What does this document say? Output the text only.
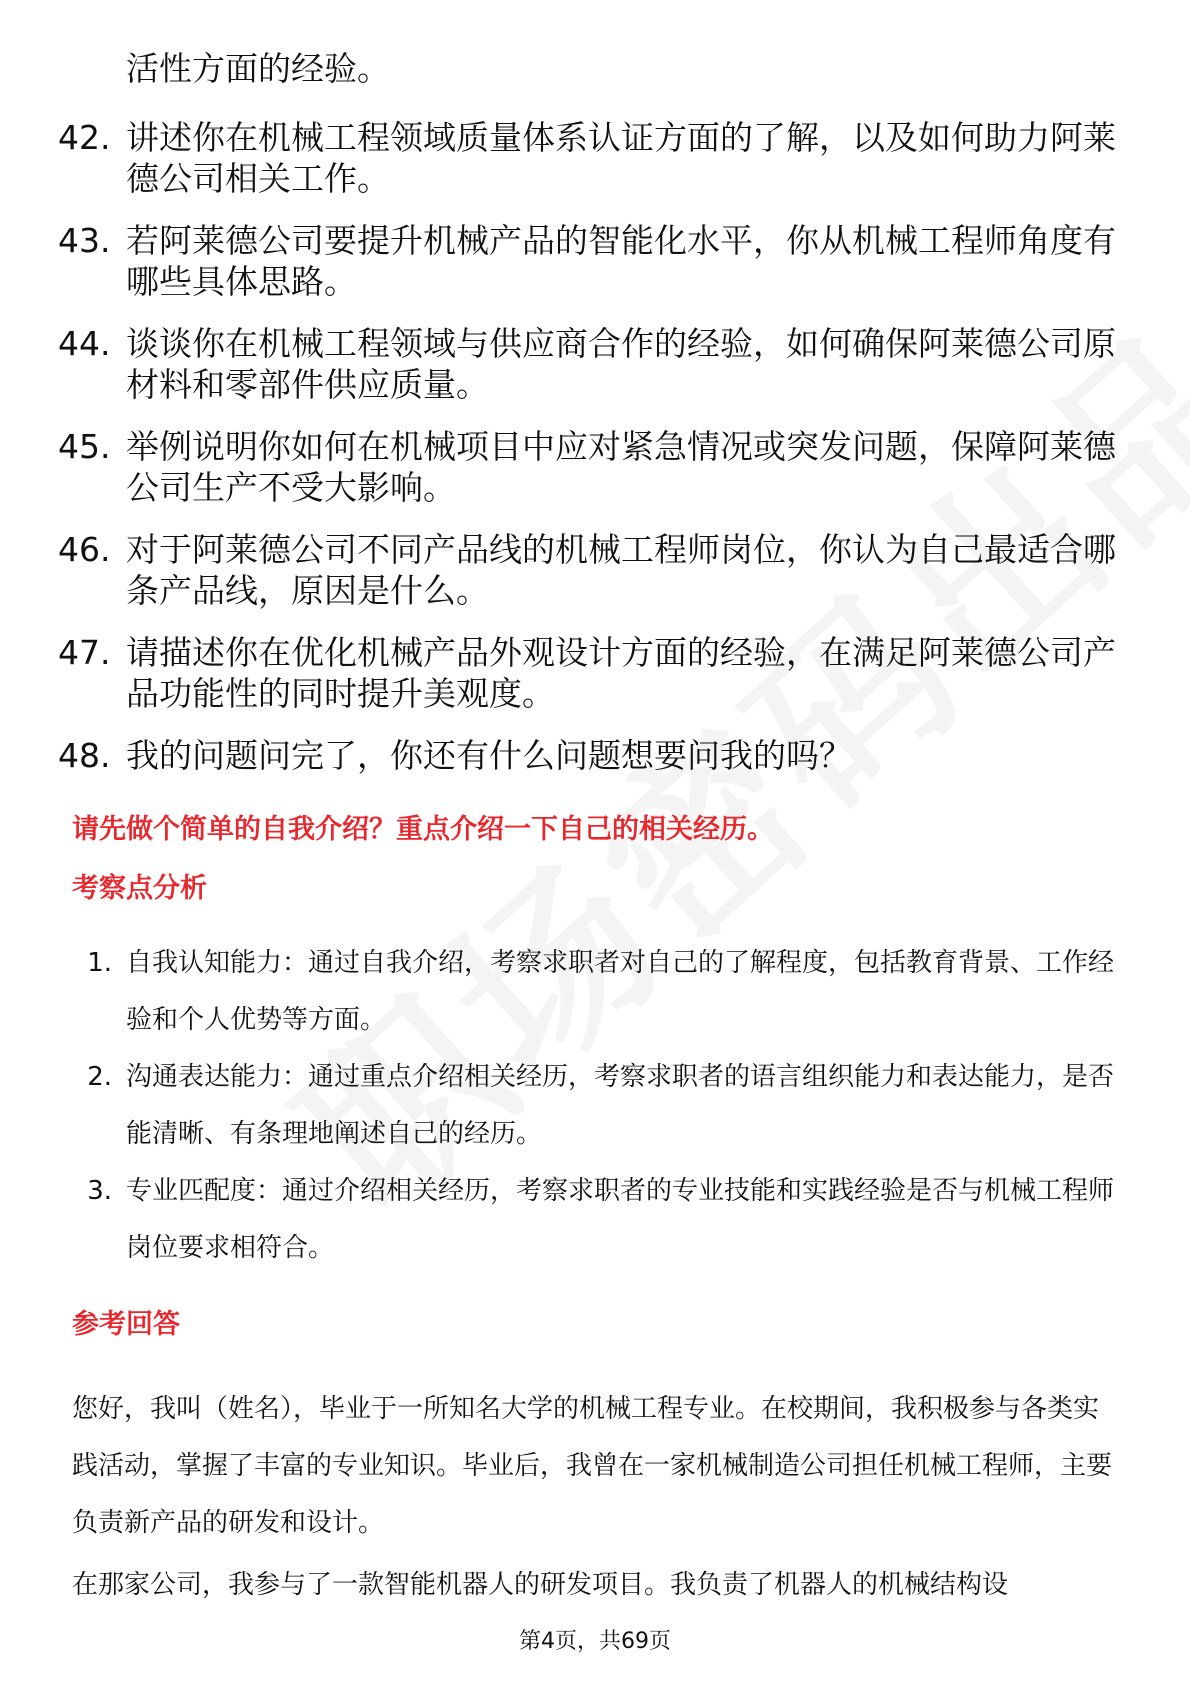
活性方面的经验。
42. 讲述你在机械工程领域质量体系认证方面的了解，以及如何助力阿莱德公司相关工作。
43. 若阿莱德公司要提升机械产品的智能化水平，你从机械工程师角度有哪些具体思路。
44. 谈谈你在机械工程领域与供应商合作的经验，如何确保阿莱德公司原材料和零部件供应质量。
45. 举例说明你如何在机械项目中应对紧急情况或突发问题，保障阿莱德公司生产不受大影响。
46. 对于阿莱德公司不同产品线的机械工程师岗位，你认为自己最适合哪条产品线，原因是什么。
47. 请描述你在优化机械产品外观设计方面的经验，在满足阿莱德公司产品功能性的同时提升美观度。
48. 我的问题问完了，你还有什么问题想要问我的吗？
请先做个简单的自我介绍？重点介绍一下自己的相关经历。
考察点分析
1. 自我认知能力：通过自我介绍，考察求职者对自己的了解程度，包括教育背景、工作经验和个人优势等方面。
2. 沟通表达能力：通过重点介绍相关经历，考察求职者的语言组织能力和表达能力，是否能清晰、有条理地阐述自己的经历。
3. 专业匹配度：通过介绍相关经历，考察求职者的专业技能和实践经验是否与机械工程师岗位要求相符合。
参考回答
您好，我叫（姓名），毕业于一所知名大学的机械工程专业。在校期间，我积极参与各类实践活动，掌握了丰富的专业知识。毕业后，我曾在一家机械制造公司担任机械工程师，主要负责新产品的研发和设计。
在那家公司，我参与了一款智能机器人的研发项目。我负责了机器人的机械结构设
第4页，共69页
